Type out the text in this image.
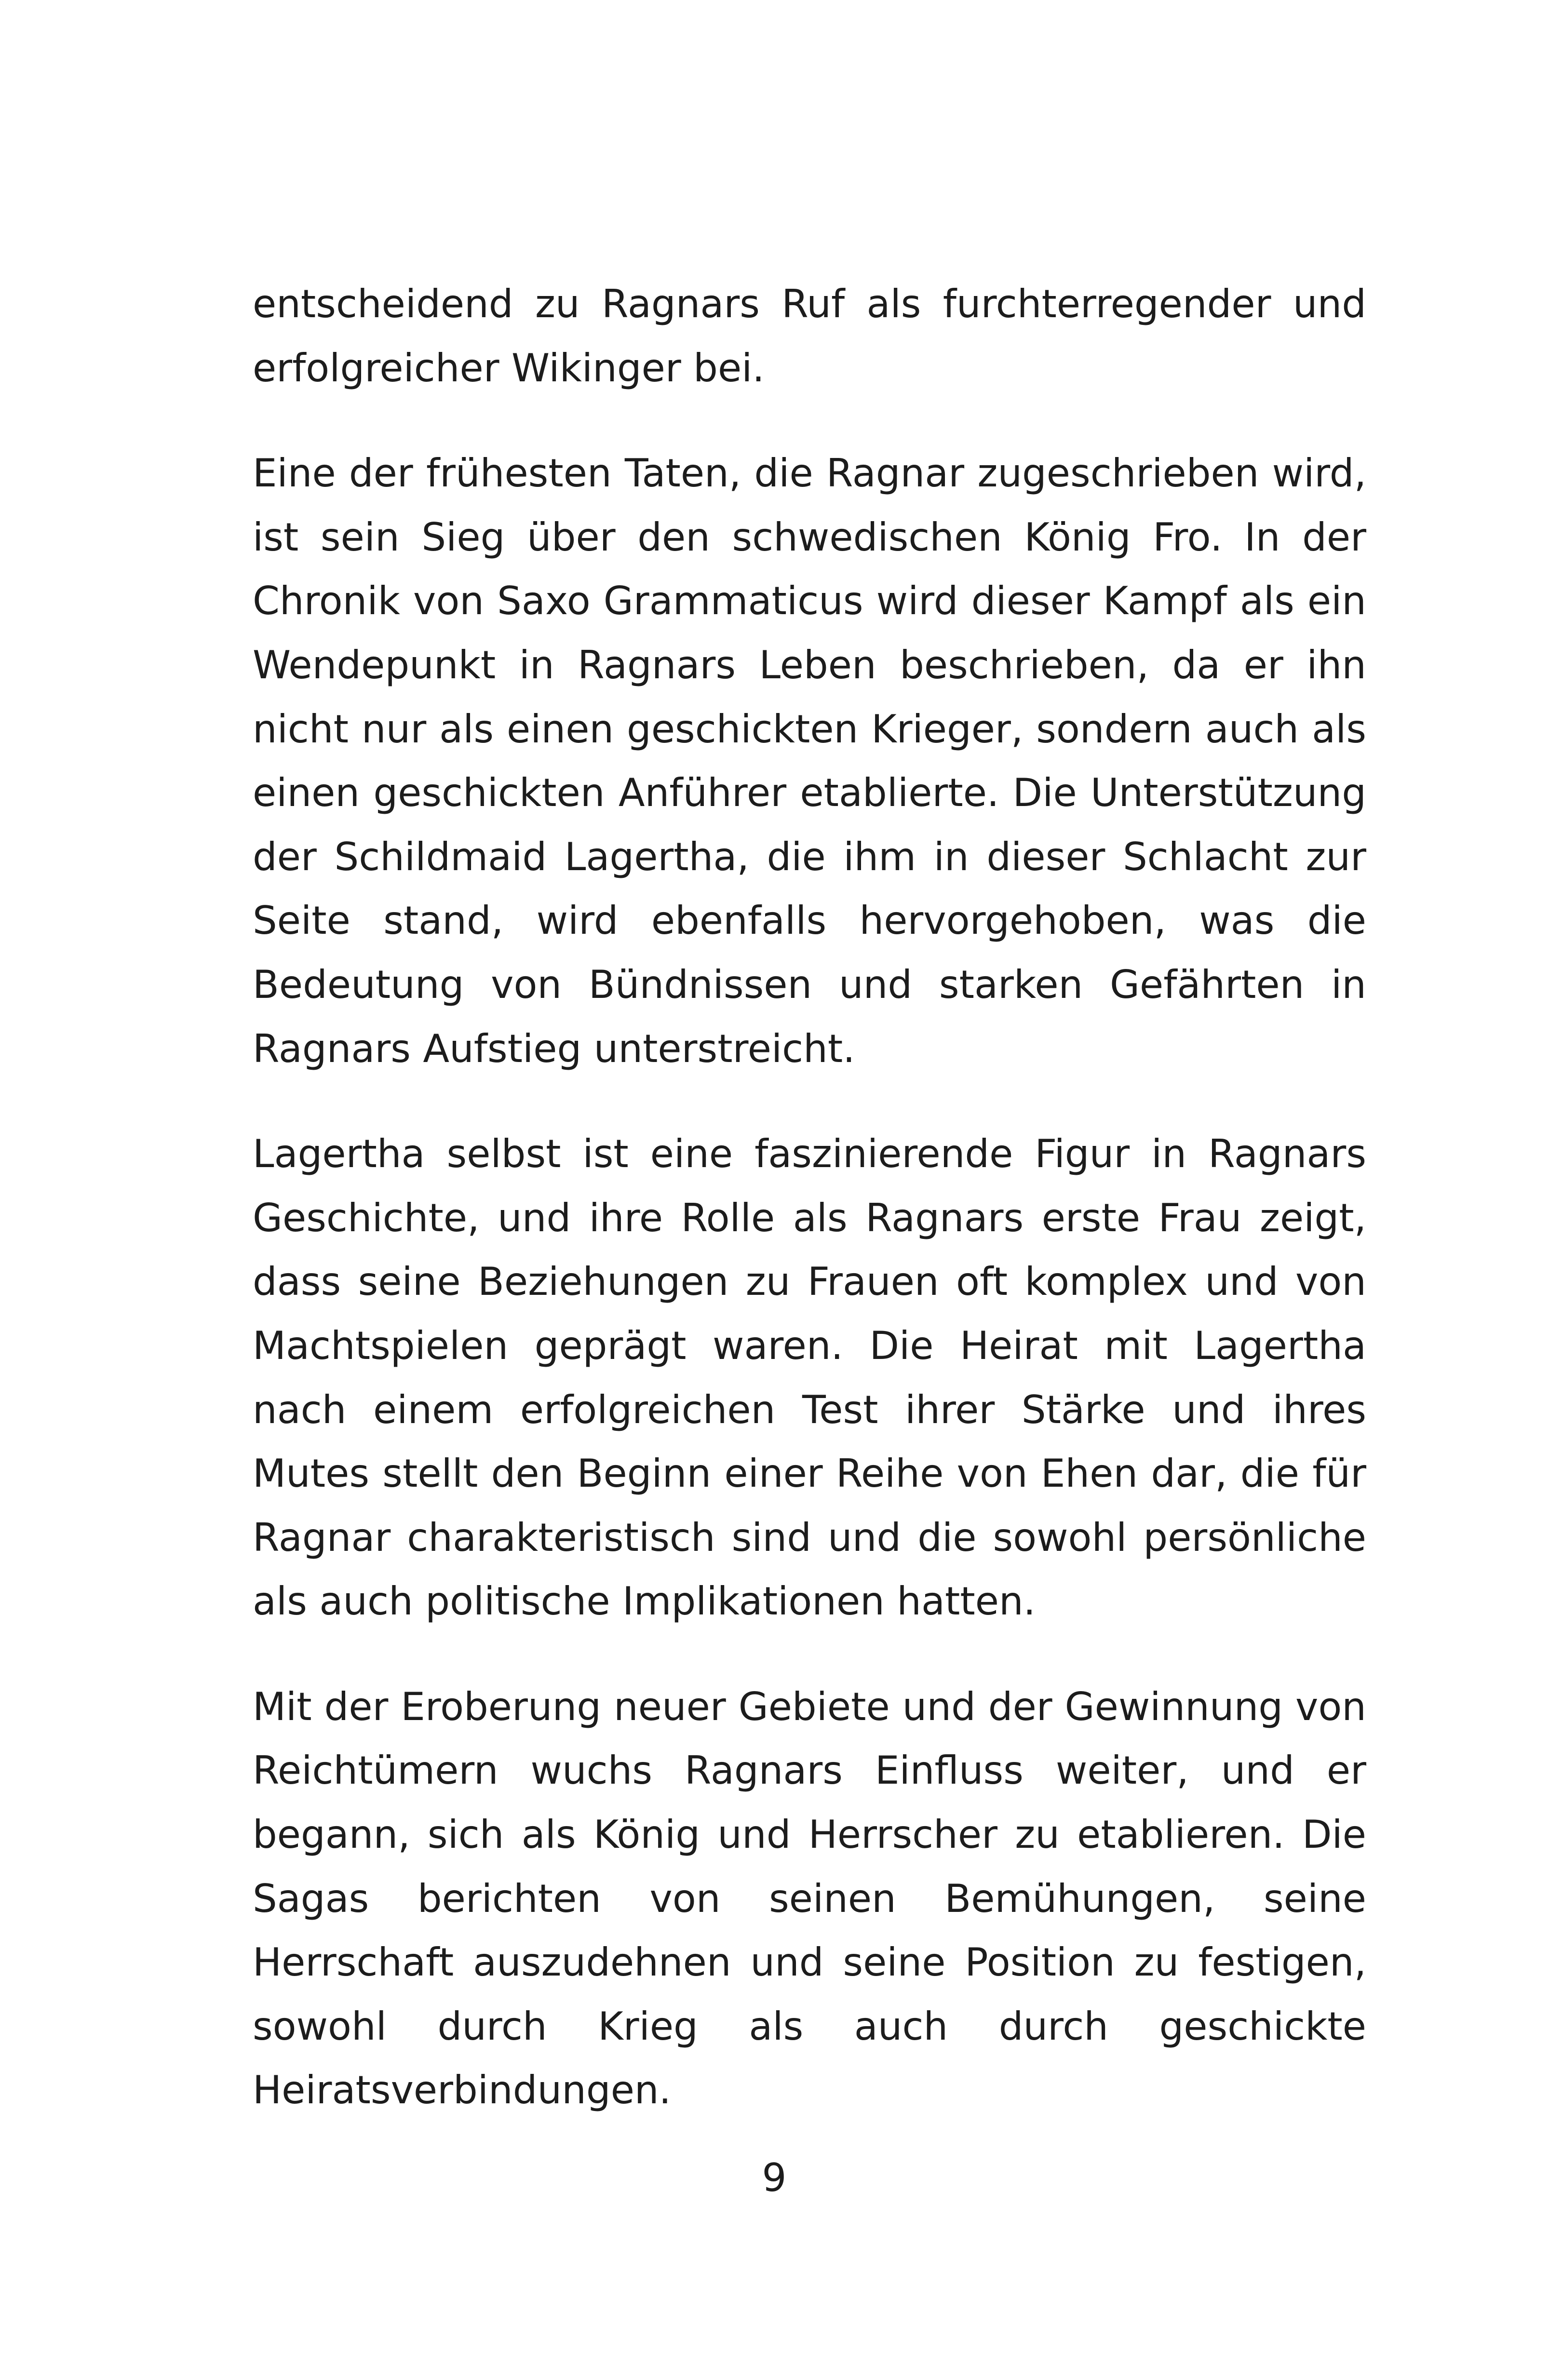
entscheidend zu Ragnars Ruf als furchterregender und erfolgreicher Wikinger bei.

Eine der frühesten Taten, die Ragnar zugeschrieben wird, ist sein Sieg über den schwedischen König Fro. In der Chronik von Saxo Grammaticus wird dieser Kampf als ein Wendepunkt in Ragnars Leben beschrieben, da er ihn nicht nur als einen geschickten Krieger, sondern auch als einen geschickten Anführer etablierte. Die Unterstützung der Schildmaid Lagertha, die ihm in dieser Schlacht zur Seite stand, wird ebenfalls hervorgehoben, was die Bedeutung von Bündnissen und starken Gefährten in Ragnars Aufstieg unterstreicht.

Lagertha selbst ist eine faszinierende Figur in Ragnars Geschichte, und ihre Rolle als Ragnars erste Frau zeigt, dass seine Beziehungen zu Frauen oft komplex und von Machtspielen geprägt waren. Die Heirat mit Lagertha nach einem erfolgreichen Test ihrer Stärke und ihres Mutes stellt den Beginn einer Reihe von Ehen dar, die für Ragnar charakteristisch sind und die sowohl persönliche als auch politische Implikationen hatten.

Mit der Eroberung neuer Gebiete und der Gewinnung von Reichtümern wuchs Ragnars Einfluss weiter, und er begann, sich als König und Herrscher zu etablieren. Die Sagas berichten von seinen Bemühungen, seine Herrschaft auszudehnen und seine Position zu festigen, sowohl durch Krieg als auch durch geschickte Heiratsverbindungen.

9
